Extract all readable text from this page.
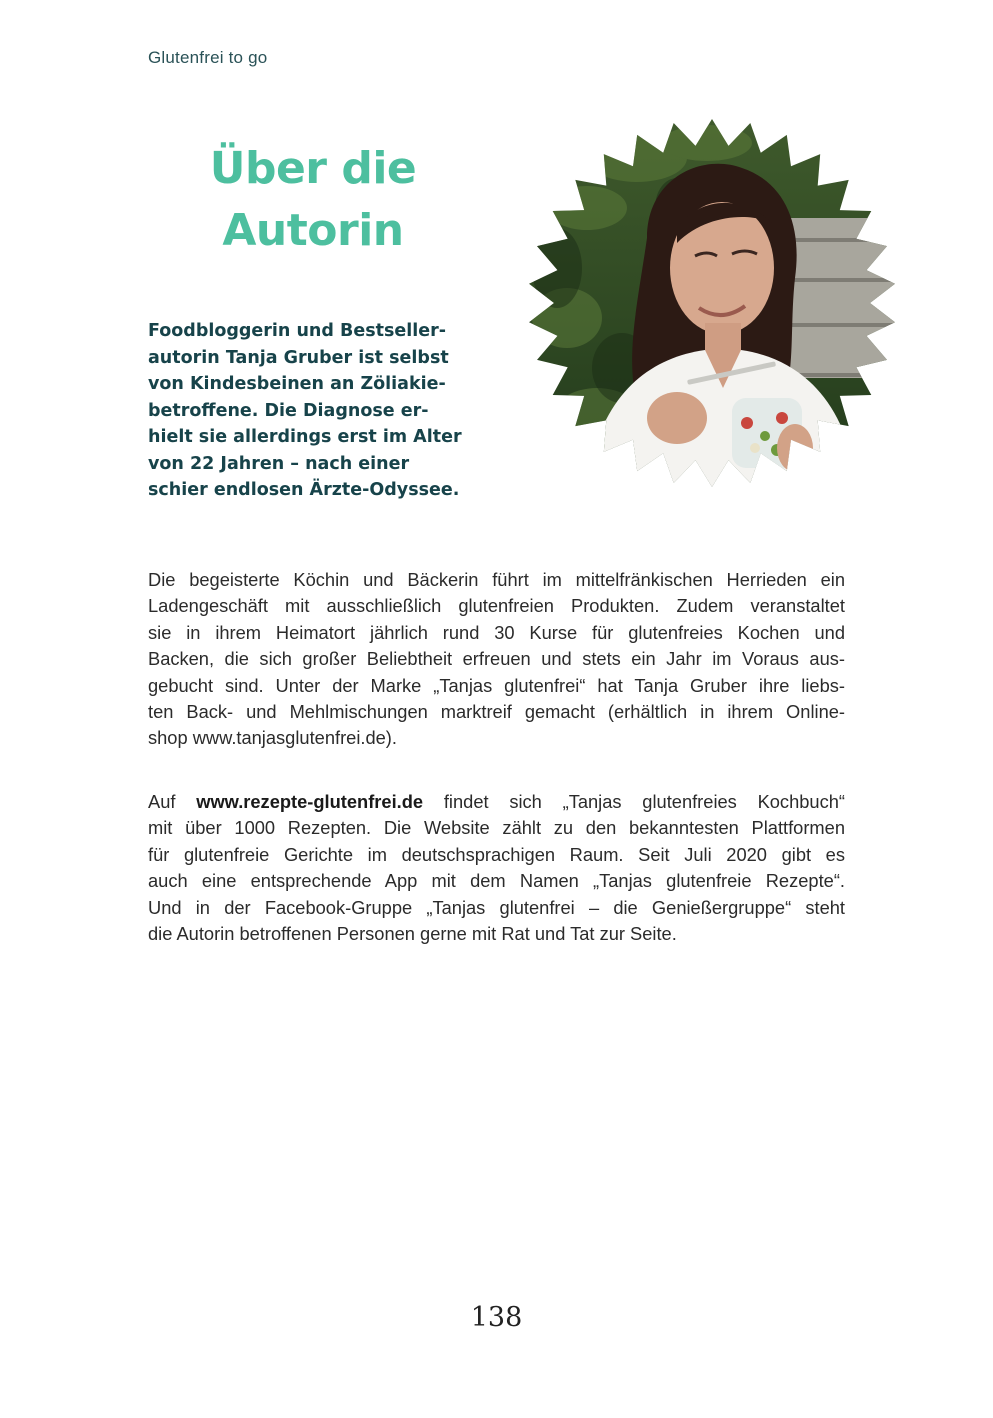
Glutenfrei to go
Über die
Autorin
Foodbloggerin und Bestseller-
autorin Tanja Gruber ist selbst
von Kindesbeinen an Zöliakie-
betroffene. Die Diagnose er-
hielt sie allerdings erst im Alter
von 22 Jahren – nach einer
schier endlosen Ärzte-Odyssee.
Die begeisterte Köchin und Bäckerin führt im mittelfränkischen Herrieden ein
Ladengeschäft mit ausschließlich glutenfreien Produkten. Zudem veranstaltet
sie in ihrem Heimatort jährlich rund 30 Kurse für glutenfreies Kochen und
Backen, die sich großer Beliebtheit erfreuen und stets ein Jahr im Voraus aus-
gebucht sind. Unter der Marke „Tanjas glutenfrei“ hat Tanja Gruber ihre liebs-
ten Back- und Mehlmischungen marktreif gemacht (erhältlich in ihrem Online-
shop www.tanjasglutenfrei.de).
Auf www.rezepte-glutenfrei.de findet sich „Tanjas glutenfreies Kochbuch“
mit über 1000 Rezepten. Die Website zählt zu den bekanntesten Plattformen
für glutenfreie Gerichte im deutschsprachigen Raum. Seit Juli 2020 gibt es
auch eine entsprechende App mit dem Namen „Tanjas glutenfreie Rezepte“.
Und in der Facebook-Gruppe „Tanjas glutenfrei – die Genießergruppe“ steht
die Autorin betroffenen Personen gerne mit Rat und Tat zur Seite.
138
